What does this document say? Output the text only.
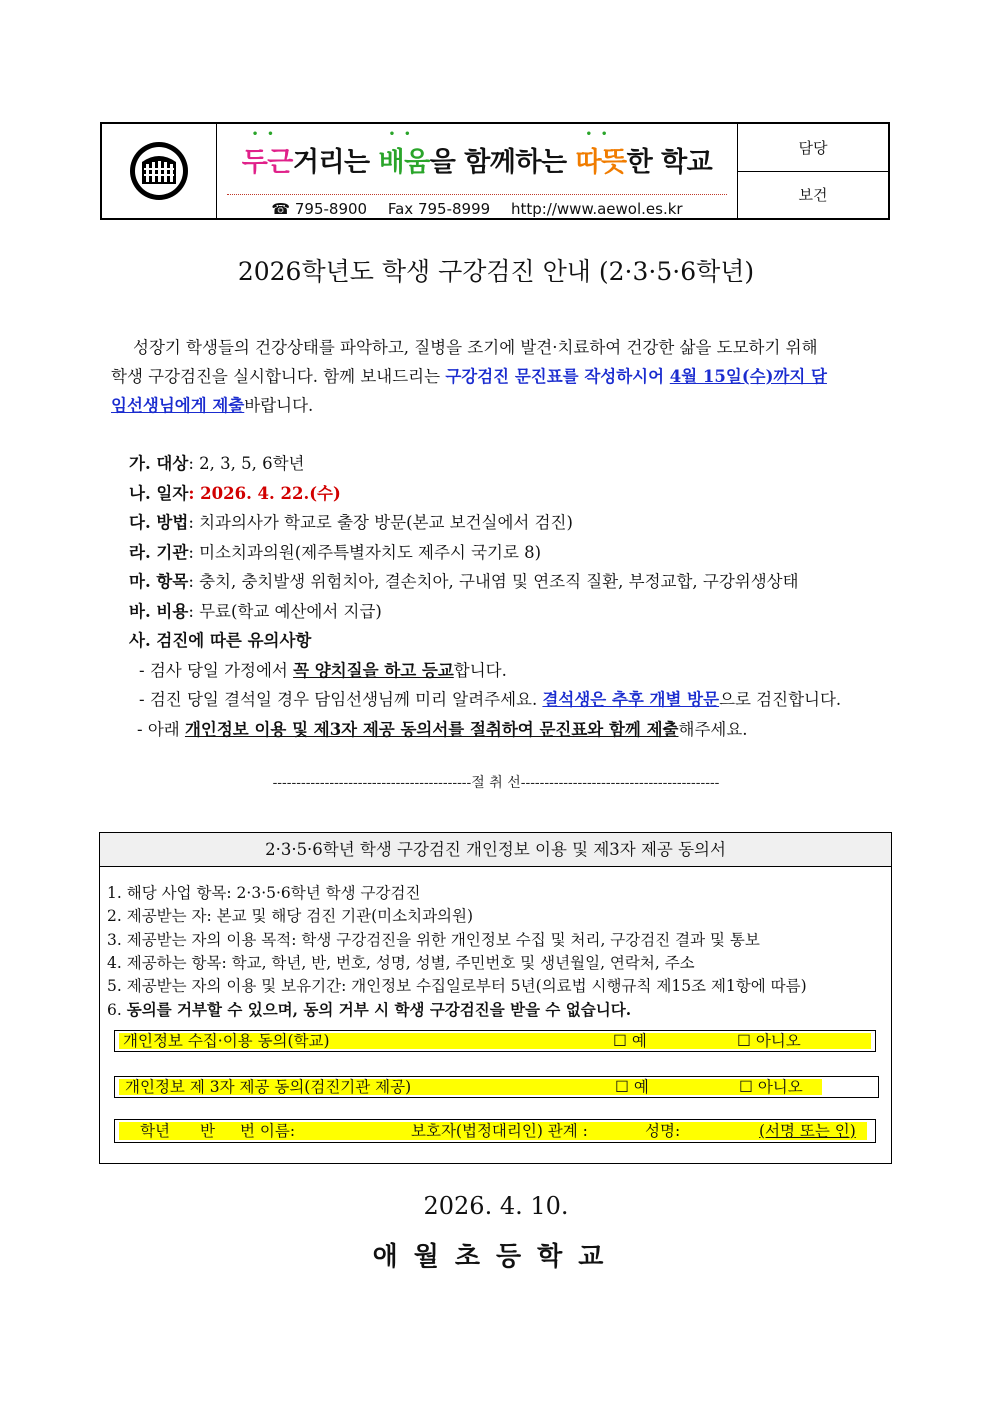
••
두근거리는
••
배움을 함께하는
••
따뜻한 학교
☎ 795-8900 Fax 795-8999 http://www.aewol.es.kr
담당
보건
2026학년도 학생 구강검진 안내 (2·3·5·6학년)

성장기 학생들의 건강상태를 파악하고, 질병을 조기에 발견·치료하여 건강한 삶을 도모하기 위해

학생 구강검진을 실시합니다. 함께 보내드리는 구강검진 문진표를 작성하시어 4월 15일(수)까지 담
임선생님에게 제출바랍니다.
가. 대상: 2, 3, 5, 6학년
나. 일자: 2026. 4. 22.(수)
다. 방법: 치과의사가 학교로 출장 방문(본교 보건실에서 검진)
라. 기관: 미소치과의원(제주특별자치도 제주시 국기로 8)
마. 항목: 충치, 충치발생 위험치아, 결손치아, 구내염 및 연조직 질환, 부정교합, 구강위생상태
바. 비용: 무료(학교 예산에서 지급)
사. 검진에 따른 유의사항
- 검사 당일 가정에서 꼭 양치질을 하고 등교합니다.
- 검진 당일 결석일 경우 담임선생님께 미리 알려주세요. 결석생은 추후 개별 방문으로 검진합니다.
- 아래 개인정보 이용 및 제3자 제공 동의서를 절취하여 문진표와 함께 제출해주세요.
------------------------------------------절 취 선------------------------------------------
2·3·5·6학년 학생 구강검진 개인정보 이용 및 제3자 제공 동의서
1. 해당 사업 항목: 2·3·5·6학년 학생 구강검진
2. 제공받는 자: 본교 및 해당 검진 기관(미소치과의원)
3. 제공받는 자의 이용 목적: 학생 구강검진을 위한 개인정보 수집 및 처리, 구강검진 결과 및 통보
4. 제공하는 항목: 학교, 학년, 반, 번호, 성명, 성별, 주민번호 및 생년월일, 연락처, 주소
5. 제공받는 자의 이용 및 보유기간: 개인정보 수집일로부터 5년(의료법 시행규칙 제15조 제1항에 따름)
6. 동의를 거부할 수 있으며, 동의 거부 시 학생 구강검진을 받을 수 없습니다.
개인정보 수집·이용 동의(학교)	☐ 예	☐ 아니오
개인정보 제 3자 제공 동의(검진기관 제공)	☐ 예	☐ 아니오
학년 반 번 이름:	보호자(법정대리인) 관계 :	성명:	(서명 또는 인)
2026. 4. 10.
애월초등학교
